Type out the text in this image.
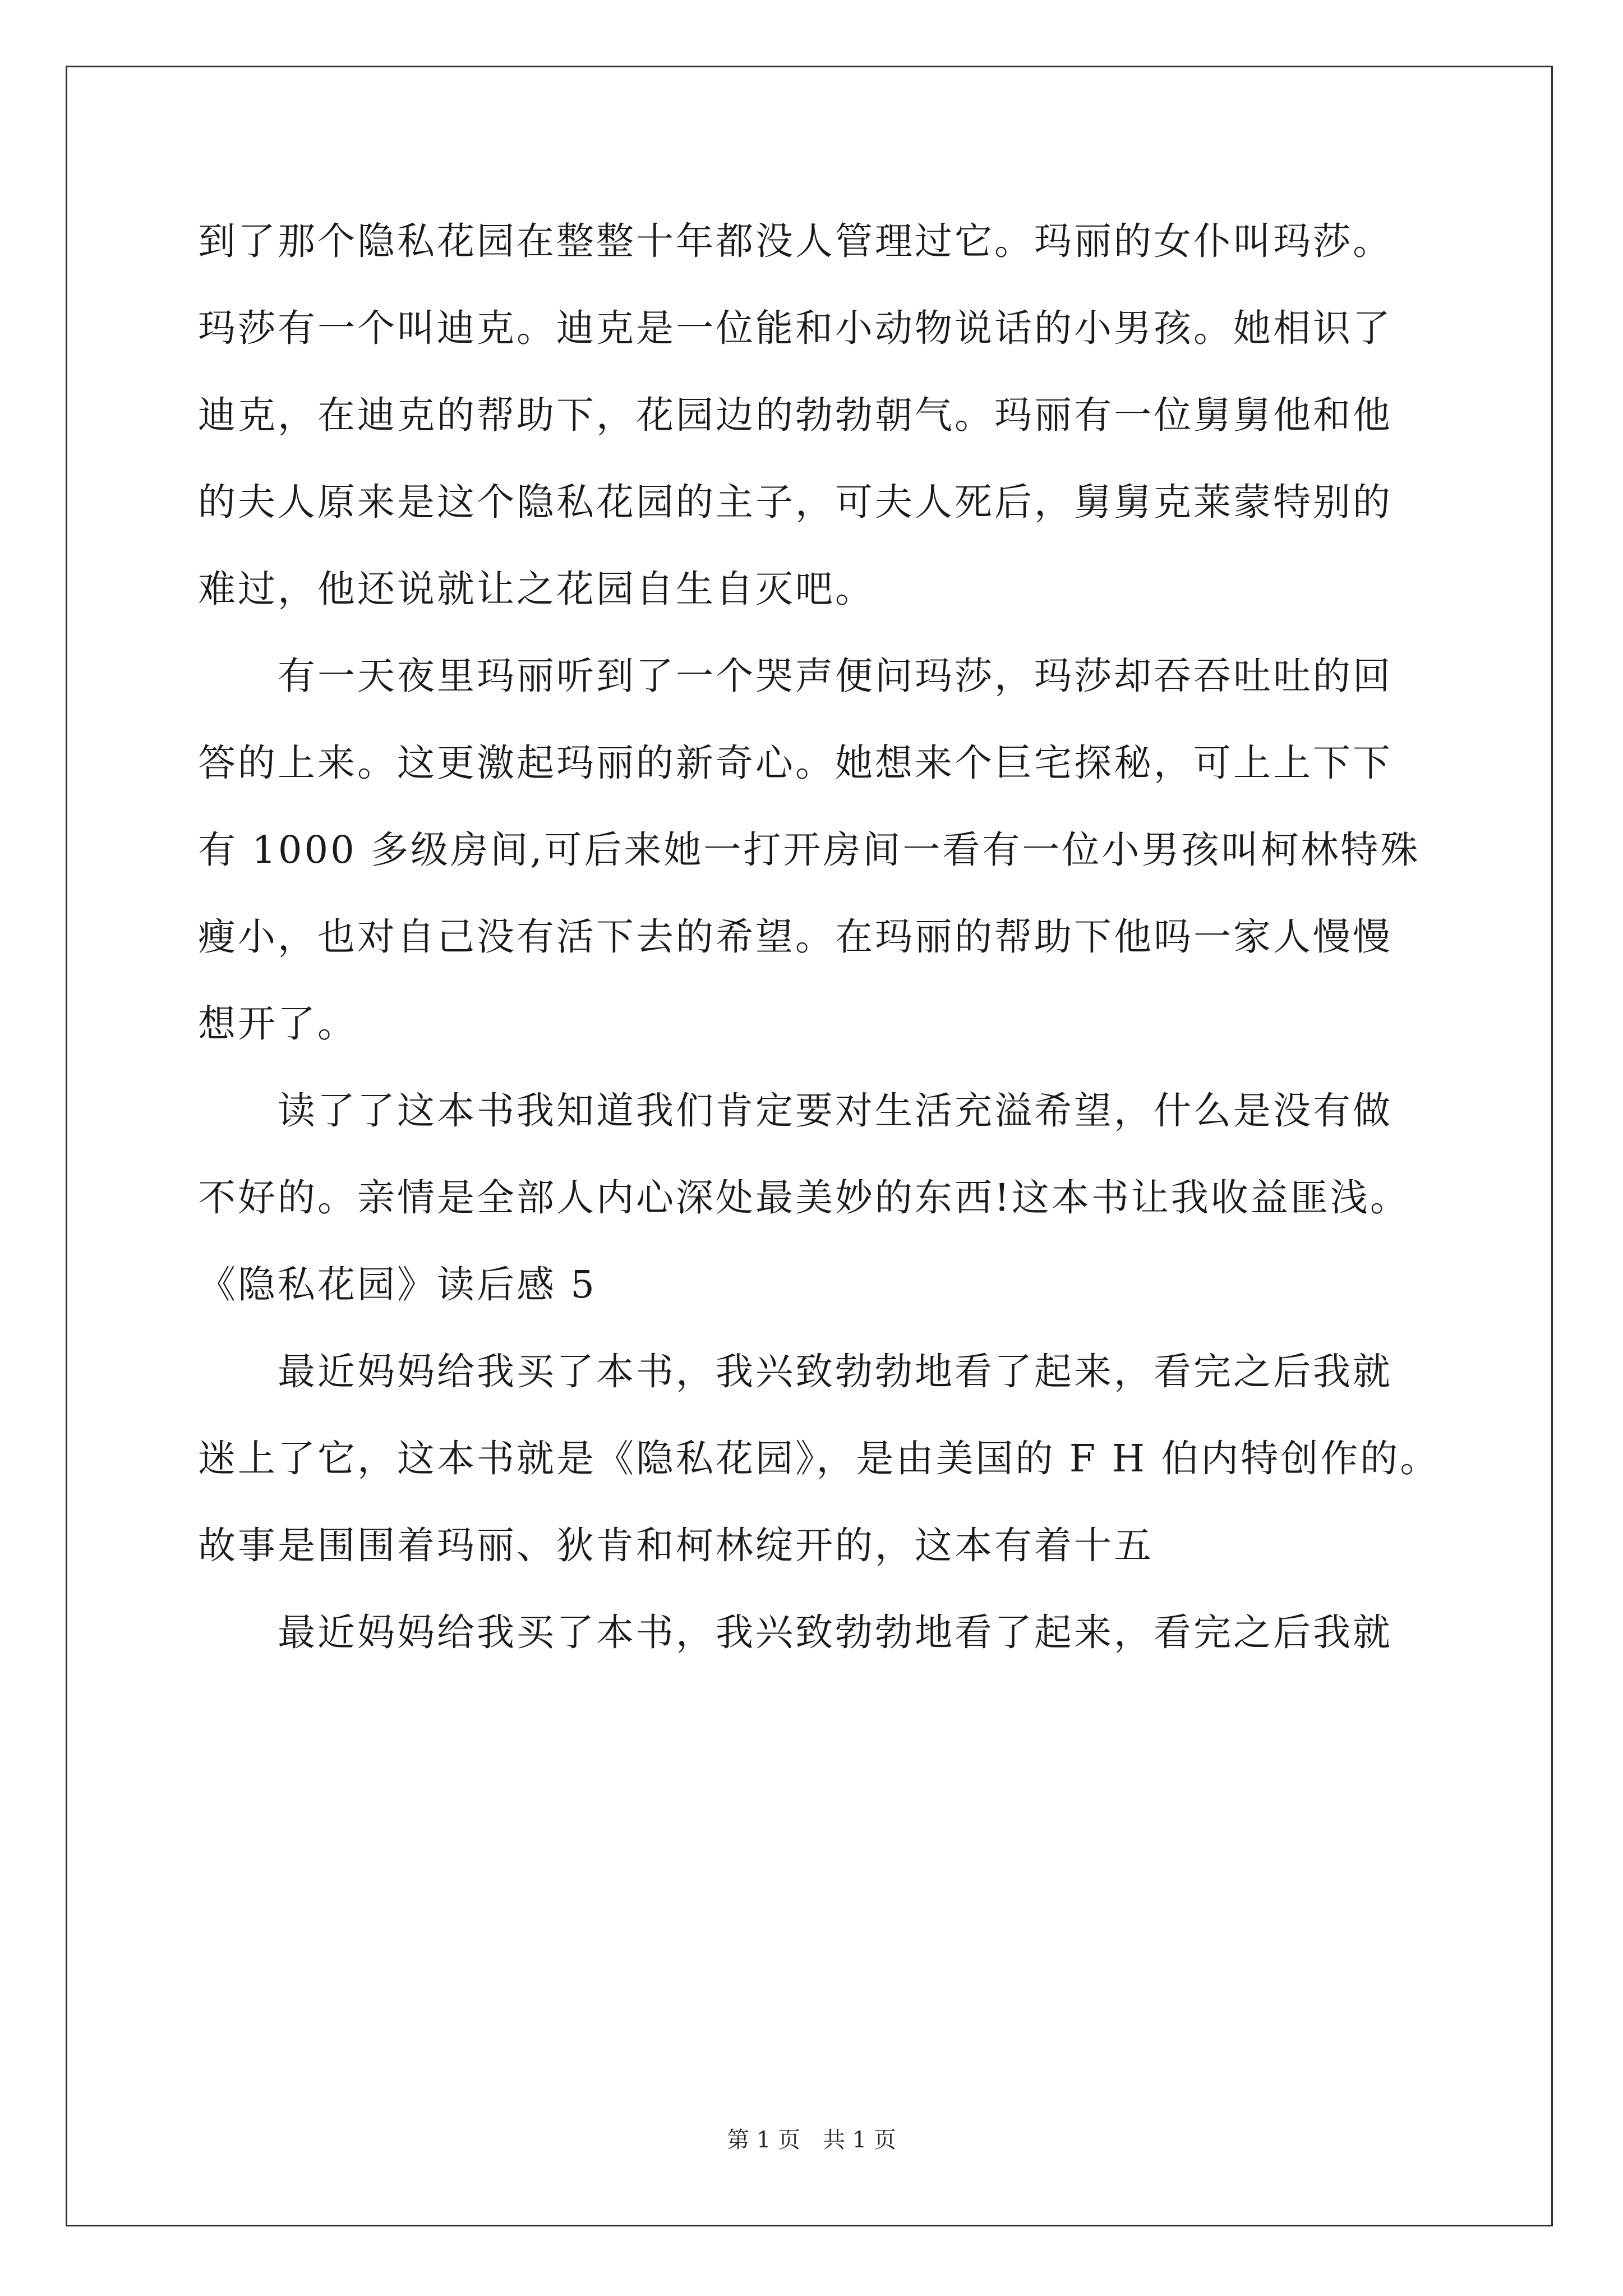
到了那个隐私花园在整整十年都没人管理过它。玛丽的女仆叫玛莎。
玛莎有一个叫迪克。迪克是一位能和小动物说话的小男孩。她相识了
迪克，在迪克的帮助下，花园边的勃勃朝气。玛丽有一位舅舅他和他
的夫人原来是这个隐私花园的主子，可夫人死后，舅舅克莱蒙特别的
难过，他还说就让之花园自生自灭吧。
　　有一天夜里玛丽听到了一个哭声便问玛莎，玛莎却吞吞吐吐的回
答的上来。这更激起玛丽的新奇心。她想来个巨宅探秘，可上上下下
有 1000 多级房间,可后来她一打开房间一看有一位小男孩叫柯林特殊
瘦小，也对自己没有活下去的希望。在玛丽的帮助下他吗一家人慢慢
想开了。
　　读了了这本书我知道我们肯定要对生活充溢希望，什么是没有做
不好的。亲情是全部人内心深处最美妙的东西!这本书让我收益匪浅。
《隐私花园》读后感 5
　　最近妈妈给我买了本书，我兴致勃勃地看了起来，看完之后我就
迷上了它，这本书就是《隐私花园》，是由美国的 F H 伯内特创作的。
故事是围围着玛丽、狄肯和柯林绽开的，这本有着十五
　　最近妈妈给我买了本书，我兴致勃勃地看了起来，看完之后我就
第 1 页 共 1 页
